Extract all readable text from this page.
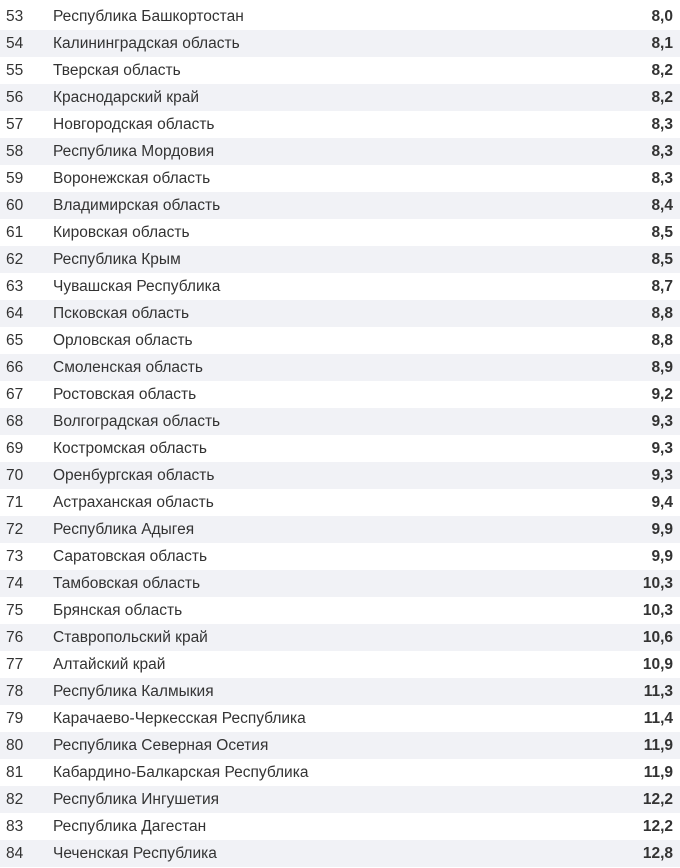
53	Республика Башкортостан	8,0
54	Калининградская область	8,1
55	Тверская область	8,2
56	Краснодарский край	8,2
57	Новгородская область	8,3
58	Республика Мордовия	8,3
59	Воронежская область	8,3
60	Владимирская область	8,4
61	Кировская область	8,5
62	Республика Крым	8,5
63	Чувашская Республика	8,7
64	Псковская область	8,8
65	Орловская область	8,8
66	Смоленская область	8,9
67	Ростовская область	9,2
68	Волгоградская область	9,3
69	Костромская область	9,3
70	Оренбургская область	9,3
71	Астраханская область	9,4
72	Республика Адыгея	9,9
73	Саратовская область	9,9
74	Тамбовская область	10,3
75	Брянская область	10,3
76	Ставропольский край	10,6
77	Алтайский край	10,9
78	Республика Калмыкия	11,3
79	Карачаево-Черкесская Республика	11,4
80	Республика Северная Осетия	11,9
81	Кабардино-Балкарская Республика	11,9
82	Республика Ингушетия	12,2
83	Республика Дагестан	12,2
84	Чеченская Республика	12,8
